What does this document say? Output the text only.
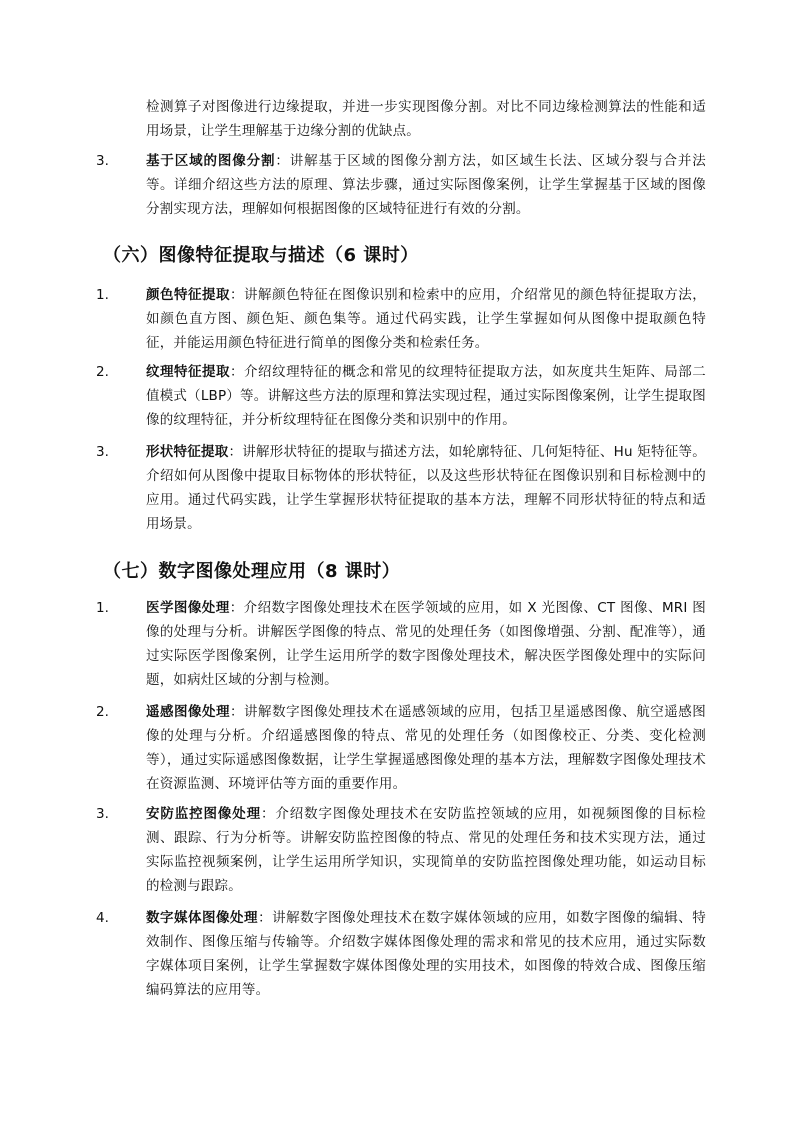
检测算子对图像进行边缘提取，并进一步实现图像分割。对比不同边缘检测算法的性能和适用场景，让学生理解基于边缘分割的优缺点。
3.	基于区域的图像分割：讲解基于区域的图像分割方法，如区域生长法、区域分裂与合并法等。详细介绍这些方法的原理、算法步骤，通过实际图像案例，让学生掌握基于区域的图像分割实现方法，理解如何根据图像的区域特征进行有效的分割。
（六）图像特征提取与描述（6 课时）
1.	颜色特征提取：讲解颜色特征在图像识别和检索中的应用，介绍常见的颜色特征提取方法，如颜色直方图、颜色矩、颜色集等。通过代码实践，让学生掌握如何从图像中提取颜色特征，并能运用颜色特征进行简单的图像分类和检索任务。
2.	纹理特征提取：介绍纹理特征的概念和常见的纹理特征提取方法，如灰度共生矩阵、局部二值模式（LBP）等。讲解这些方法的原理和算法实现过程，通过实际图像案例，让学生提取图像的纹理特征，并分析纹理特征在图像分类和识别中的作用。
3.	形状特征提取：讲解形状特征的提取与描述方法，如轮廓特征、几何矩特征、Hu 矩特征等。介绍如何从图像中提取目标物体的形状特征，以及这些形状特征在图像识别和目标检测中的应用。通过代码实践，让学生掌握形状特征提取的基本方法，理解不同形状特征的特点和适用场景。
（七）数字图像处理应用（8 课时）
1.	医学图像处理：介绍数字图像处理技术在医学领域的应用，如 X 光图像、CT 图像、MRI 图像的处理与分析。讲解医学图像的特点、常见的处理任务（如图像增强、分割、配准等），通过实际医学图像案例，让学生运用所学的数字图像处理技术，解决医学图像处理中的实际问题，如病灶区域的分割与检测。
2.	遥感图像处理：讲解数字图像处理技术在遥感领域的应用，包括卫星遥感图像、航空遥感图像的处理与分析。介绍遥感图像的特点、常见的处理任务（如图像校正、分类、变化检测等），通过实际遥感图像数据，让学生掌握遥感图像处理的基本方法，理解数字图像处理技术在资源监测、环境评估等方面的重要作用。
3.	安防监控图像处理：介绍数字图像处理技术在安防监控领域的应用，如视频图像的目标检测、跟踪、行为分析等。讲解安防监控图像的特点、常见的处理任务和技术实现方法，通过实际监控视频案例，让学生运用所学知识，实现简单的安防监控图像处理功能，如运动目标的检测与跟踪。
4.	数字媒体图像处理：讲解数字图像处理技术在数字媒体领域的应用，如数字图像的编辑、特效制作、图像压缩与传输等。介绍数字媒体图像处理的需求和常见的技术应用，通过实际数字媒体项目案例，让学生掌握数字媒体图像处理的实用技术，如图像的特效合成、图像压缩编码算法的应用等。
